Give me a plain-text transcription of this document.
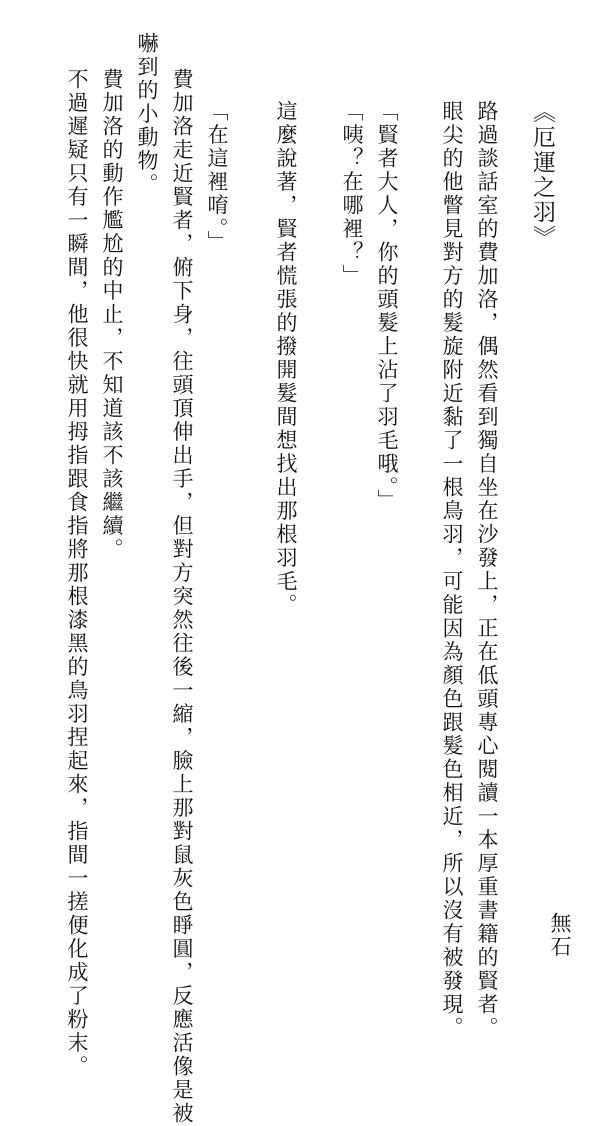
《厄運之羽》
路過談話室的費加洛，偶然看到獨自坐在沙發上，正在低頭專心閱讀一本厚重書籍的賢者。
眼尖的他瞥見對方的髮旋附近黏了一根鳥羽，可能因為顏色跟髮色相近，所以沒有被發現。
「賢者大人，你的頭髮上沾了羽毛哦。」
「咦？在哪裡？」
這麼說著，賢者慌張的撥開髮間想找出那根羽毛。
「在這裡唷。」
費加洛走近賢者，俯下身，往頭頂伸出手，但對方突然往後一縮，臉上那對鼠灰色睜圓，反應活像是被
嚇到的小動物。
費加洛的動作尷尬的中止，不知道該不該繼續。
不過遲疑只有一瞬間，他很快就用拇指跟食指將那根漆黑的鳥羽捏起來，指間一搓便化成了粉末。	無石
